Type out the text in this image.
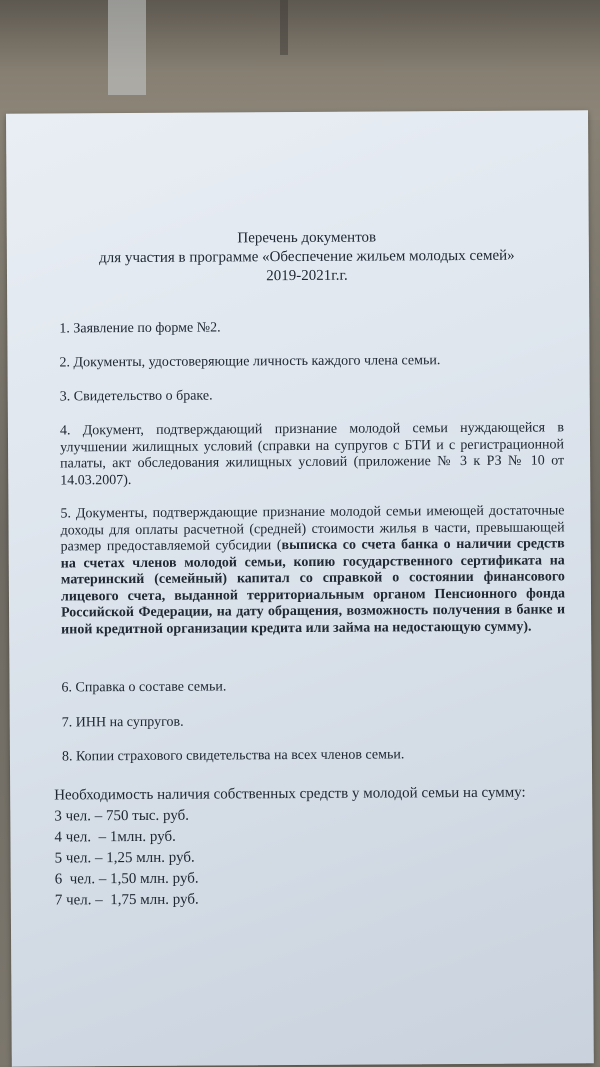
Перечень документов
для участия в программе «Обеспечение жильем молодых семей»
2019-2021г.г.
1. Заявление по форме №2.
2. Документы, удостоверяющие личность каждого члена семьи.
3. Свидетельство о браке.
4. Документ, подтверждающий признание молодой семьи нуждающейся в улучшении жилищных условий (справки на супругов с БТИ и с регистрационной палаты, акт обследования жилищных условий (приложение № 3 к РЗ № 10 от 14.03.2007).
5. Документы, подтверждающие признание молодой семьи имеющей достаточные доходы для оплаты расчетной (средней) стоимости жилья в части, превышающей размер предоставляемой субсидии (выписка со счета банка о наличии средств на счетах членов молодой семьи, копию государственного сертификата на материнский (семейный) капитал со справкой о состоянии финансового лицевого счета, выданной территориальным органом Пенсионного фонда Российской Федерации, на дату обращения, возможность получения в банке и иной кредитной организации кредита или займа на недостающую сумму).
6. Справка о составе семьи.
7. ИНН на супругов.
8. Копии страхового свидетельства на всех членов семьи.
Необходимость наличия собственных средств у молодой семьи на сумму:
3 чел. – 750 тыс. руб.
4 чел.  – 1млн. руб.
5 чел. – 1,25 млн. руб.
6  чел. – 1,50 млн. руб.
7 чел. –  1,75 млн. руб.
